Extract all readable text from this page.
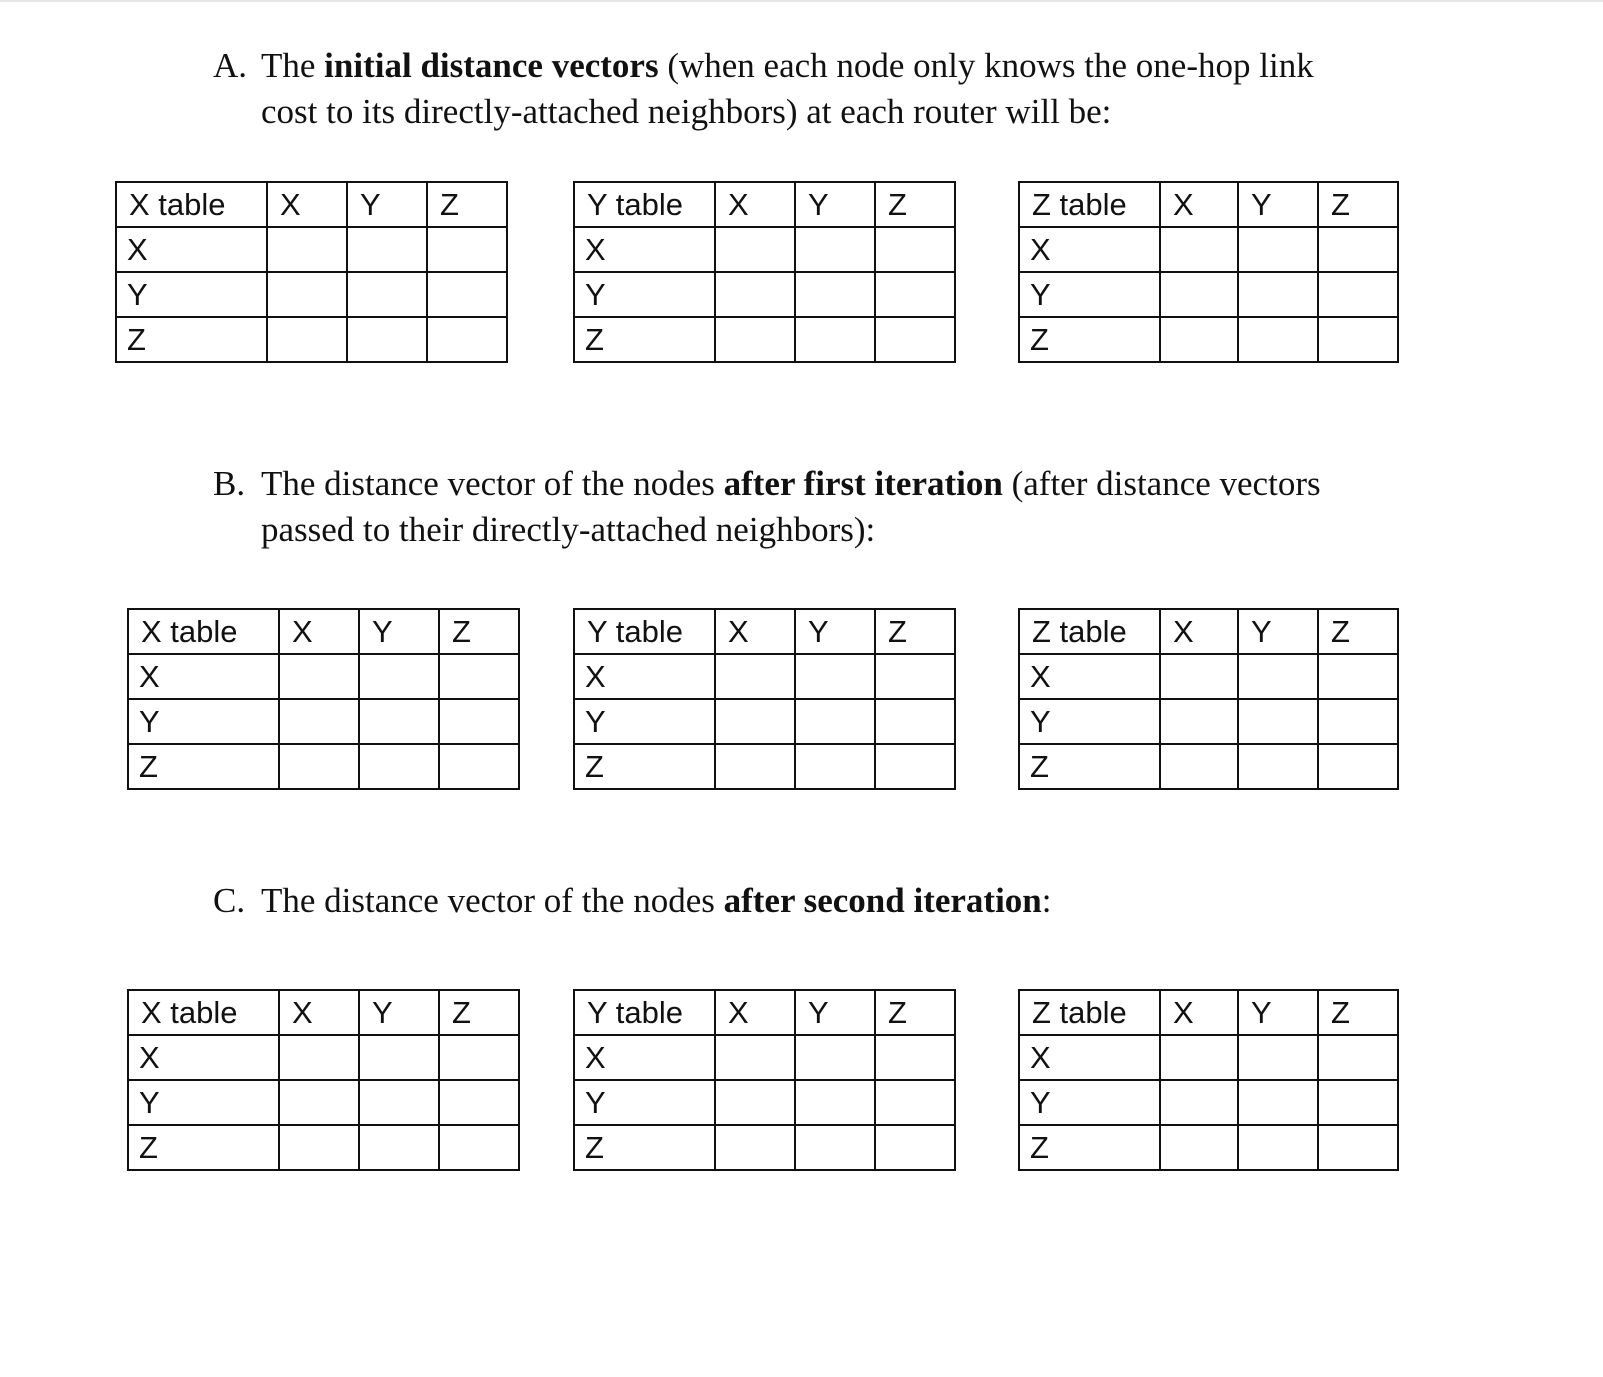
A. The initial distance vectors (when each node only knows the one-hop link
cost to its directly-attached neighbors) at each router will be:
B. The distance vector of the nodes after first iteration (after distance vectors
passed to their directly-attached neighbors):
C. The distance vector of the nodes after second iteration:
X table	X	Y	Z
X			
Y			
Z			
Y table	X	Y	Z
X			
Y			
Z			
Z table	X	Y	Z
X			
Y			
Z			
X table	X	Y	Z
X			
Y			
Z			
Y table	X	Y	Z
X			
Y			
Z			
Z table	X	Y	Z
X			
Y			
Z			
X table	X	Y	Z
X			
Y			
Z			
Y table	X	Y	Z
X			
Y			
Z			
Z table	X	Y	Z
X			
Y			
Z			
